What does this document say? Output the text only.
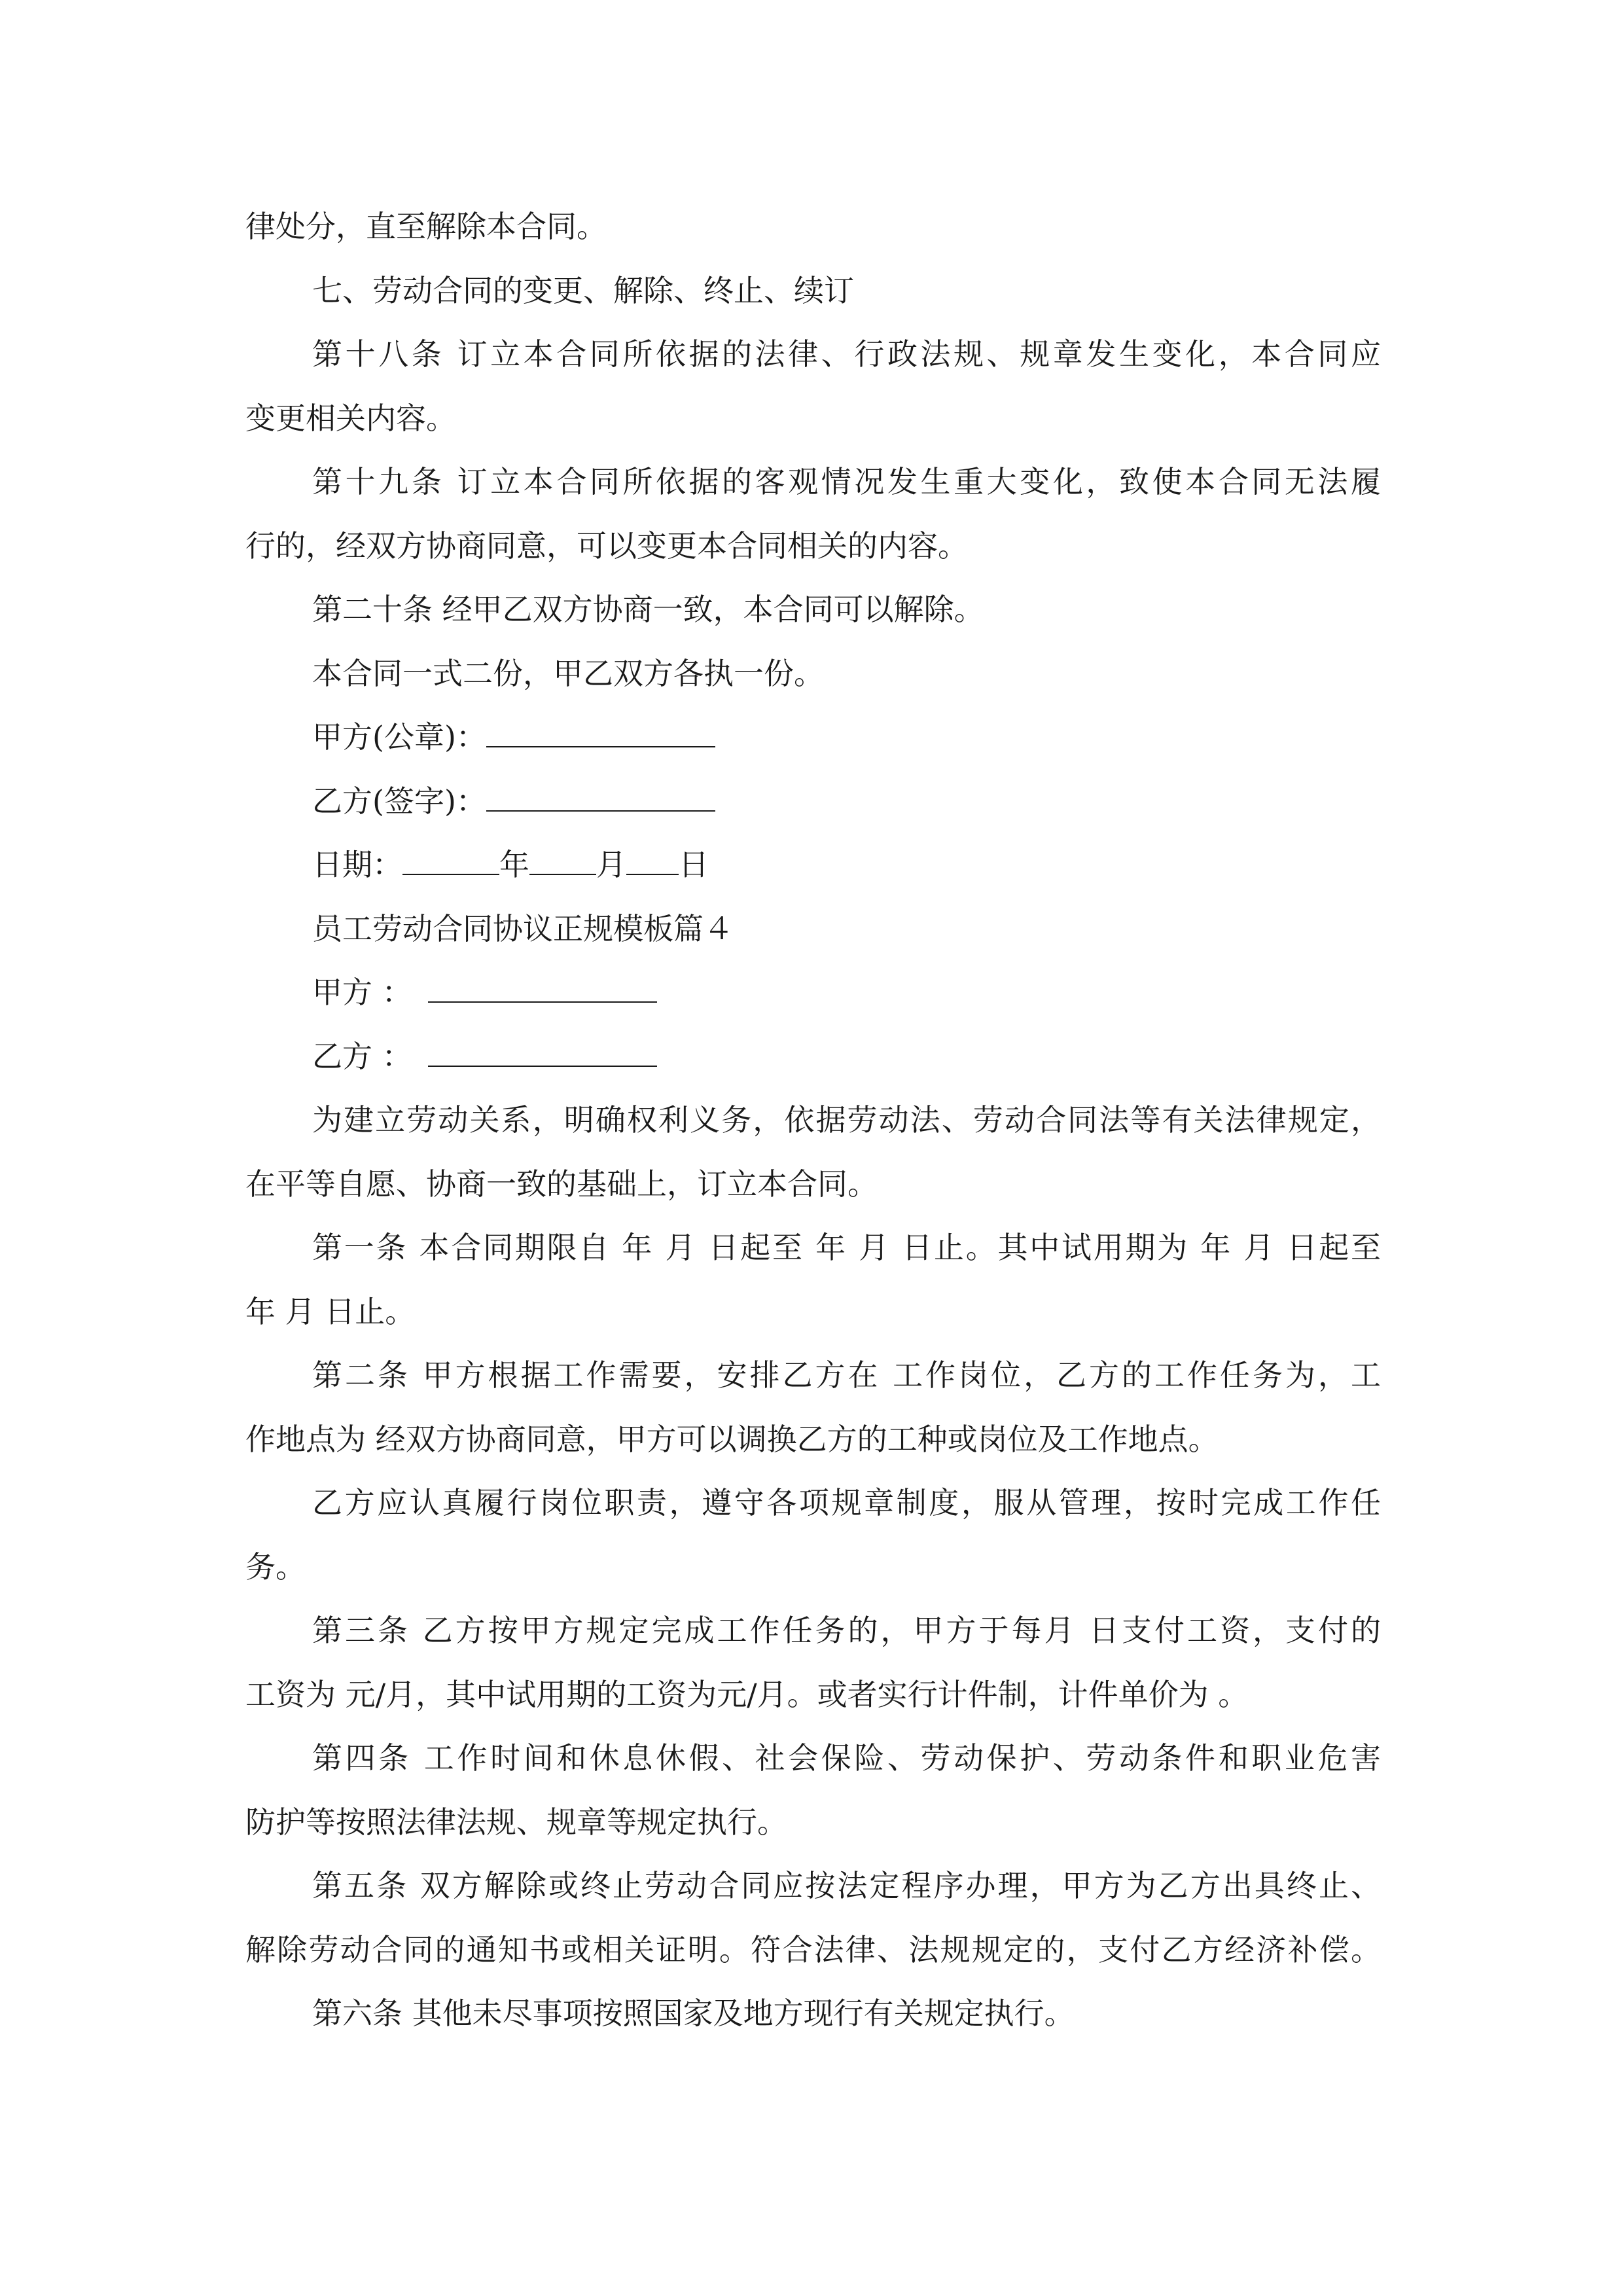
律处分，直至解除本合同。
七、劳动合同的变更、解除、终止、续订
第十八条 订立本合同所依据的法律、行政法规、规章发生变化，本合同应
变更相关内容。
第十九条 订立本合同所依据的客观情况发生重大变化，致使本合同无法履
行的，经双方协商同意，可以变更本合同相关的内容。
第二十条 经甲乙双方协商一致，本合同可以解除。
本合同一式二份，甲乙双方各执一份。
甲方(公章)：
乙方(签字)：
日期：	年 月 日
员工劳动合同协议正规模板篇４
甲方 ：
乙方 ：
为建立劳动关系，明确权利义务，依据劳动法、劳动合同法等有关法律规定，
在平等自愿、协商一致的基础上，订立本合同。
第一条 本合同期限自 年 月 日起至 年 月 日止。其中试用期为 年 月 日起至
年 月 日止。
第二条 甲方根据工作需要，安排乙方在 工作岗位，乙方的工作任务为，工
作地点为 经双方协商同意，甲方可以调换乙方的工种或岗位及工作地点。
乙方应认真履行岗位职责，遵守各项规章制度，服从管理，按时完成工作任
务。
第三条 乙方按甲方规定完成工作任务的，甲方于每月 日支付工资，支付的
工资为 元/月，其中试用期的工资为元/月。或者实行计件制，计件单价为 。
第四条 工作时间和休息休假、社会保险、劳动保护、劳动条件和职业危害
防护等按照法律法规、规章等规定执行。
第五条 双方解除或终止劳动合同应按法定程序办理，甲方为乙方出具终止、
解除劳动合同的通知书或相关证明。符合法律、法规规定的，支付乙方经济补偿。
第六条 其他未尽事项按照国家及地方现行有关规定执行。
